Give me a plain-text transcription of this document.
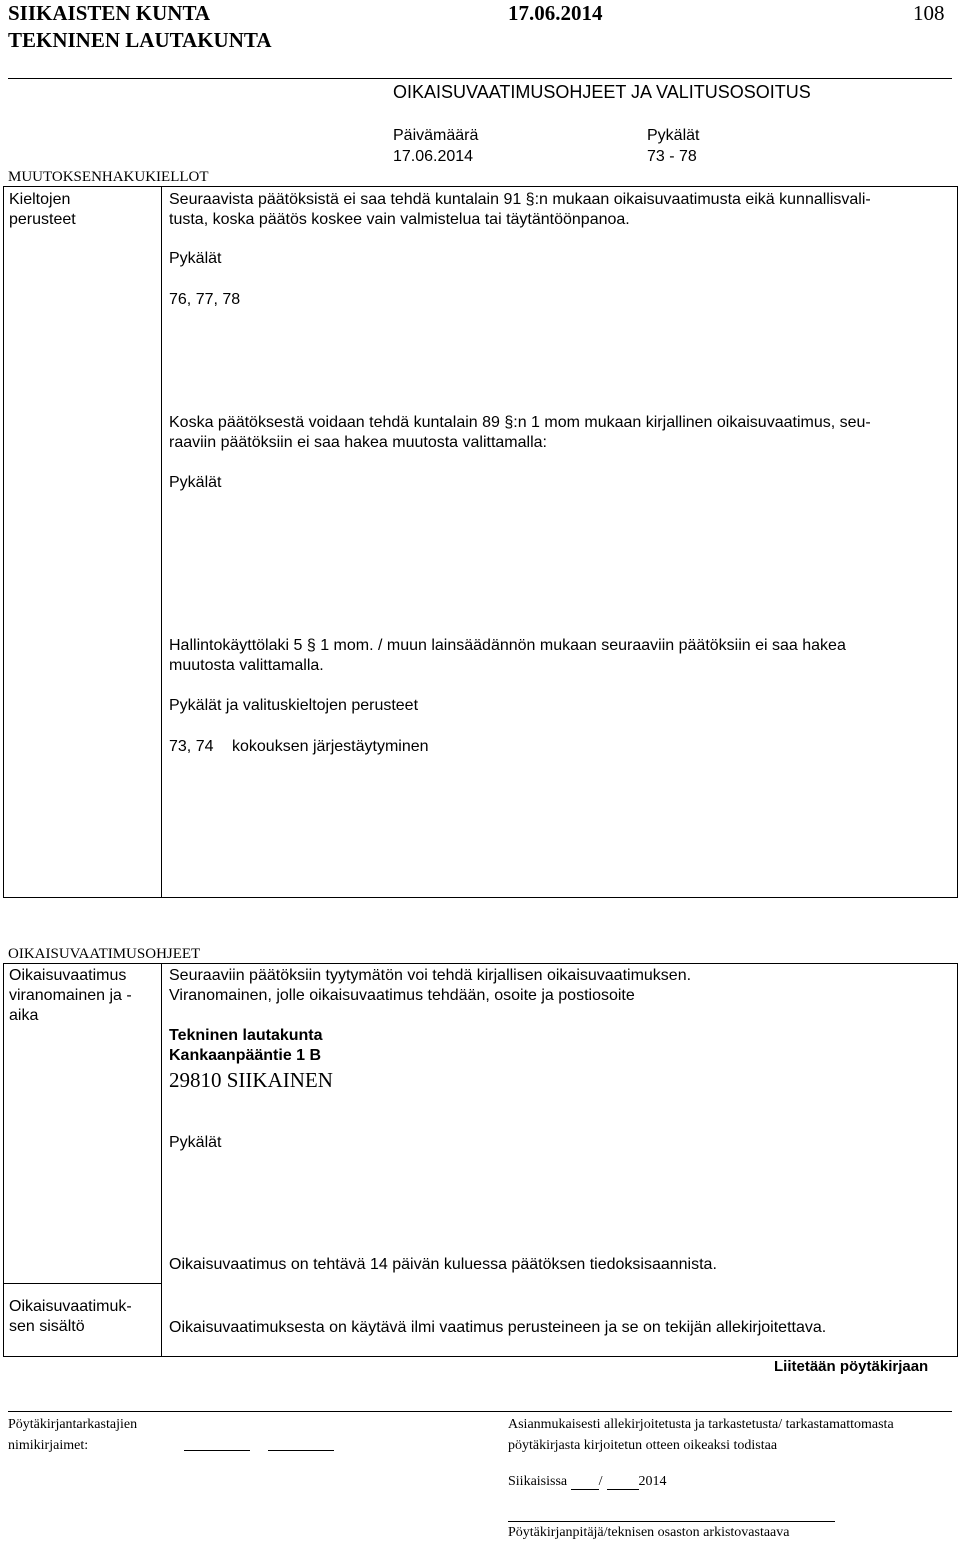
SIIKAISTEN KUNTA
TEKNINEN LAUTAKUNTA
17.06.2014	108
OIKAISUVAATIMUSOHJEET JA VALITUSOSOITUS
Päivämäärä	Pykälät
17.06.2014	73 - 78
MUUTOKSENHAKUKIELLOT
Kieltojen
perusteet
Seuraavista päätöksistä ei saa tehdä kuntalain 91 §:n mukaan oikaisuvaatimusta eikä kunnallisvali-
tusta, koska päätös koskee vain valmistelua tai täytäntöönpanoa.
Pykälät
76, 77, 78
Koska päätöksestä voidaan tehdä kuntalain 89 §:n 1 mom mukaan kirjallinen oikaisuvaatimus, seu-
raaviin päätöksiin ei saa hakea muutosta valittamalla:
Pykälät
Hallintokäyttölaki 5 § 1 mom. / muun lainsäädännön mukaan seuraaviin päätöksiin ei saa hakea
muutosta valittamalla.
Pykälät ja valituskieltojen perusteet
73, 74 kokouksen järjestäytyminen
OIKAISUVAATIMUSOHJEET
Oikaisuvaatimus
viranomainen ja -
aika
Seuraaviin päätöksiin tyytymätön voi tehdä kirjallisen oikaisuvaatimuksen.
Viranomainen, jolle oikaisuvaatimus tehdään, osoite ja postiosoite
Tekninen lautakunta
Kankaanpääntie 1 B
29810 SIIKAINEN
Pykälät
Oikaisuvaatimus on tehtävä 14 päivän kuluessa päätöksen tiedoksisaannista.
Oikaisuvaatimuk-
sen sisältö	Oikaisuvaatimuksesta on käytävä ilmi vaatimus perusteineen ja se on tekijän allekirjoitettava.
Liitetään pöytäkirjaan
Pöytäkirjantarkastajien
nimikirjaimet:
Asianmukaisesti allekirjoitetusta ja tarkastetusta/ tarkastamattomasta
pöytäkirjasta kirjoitetun otteen oikeaksi todistaa
Siikaisissa /	2014
Pöytäkirjanpitäjä/teknisen osaston arkistovastaava
